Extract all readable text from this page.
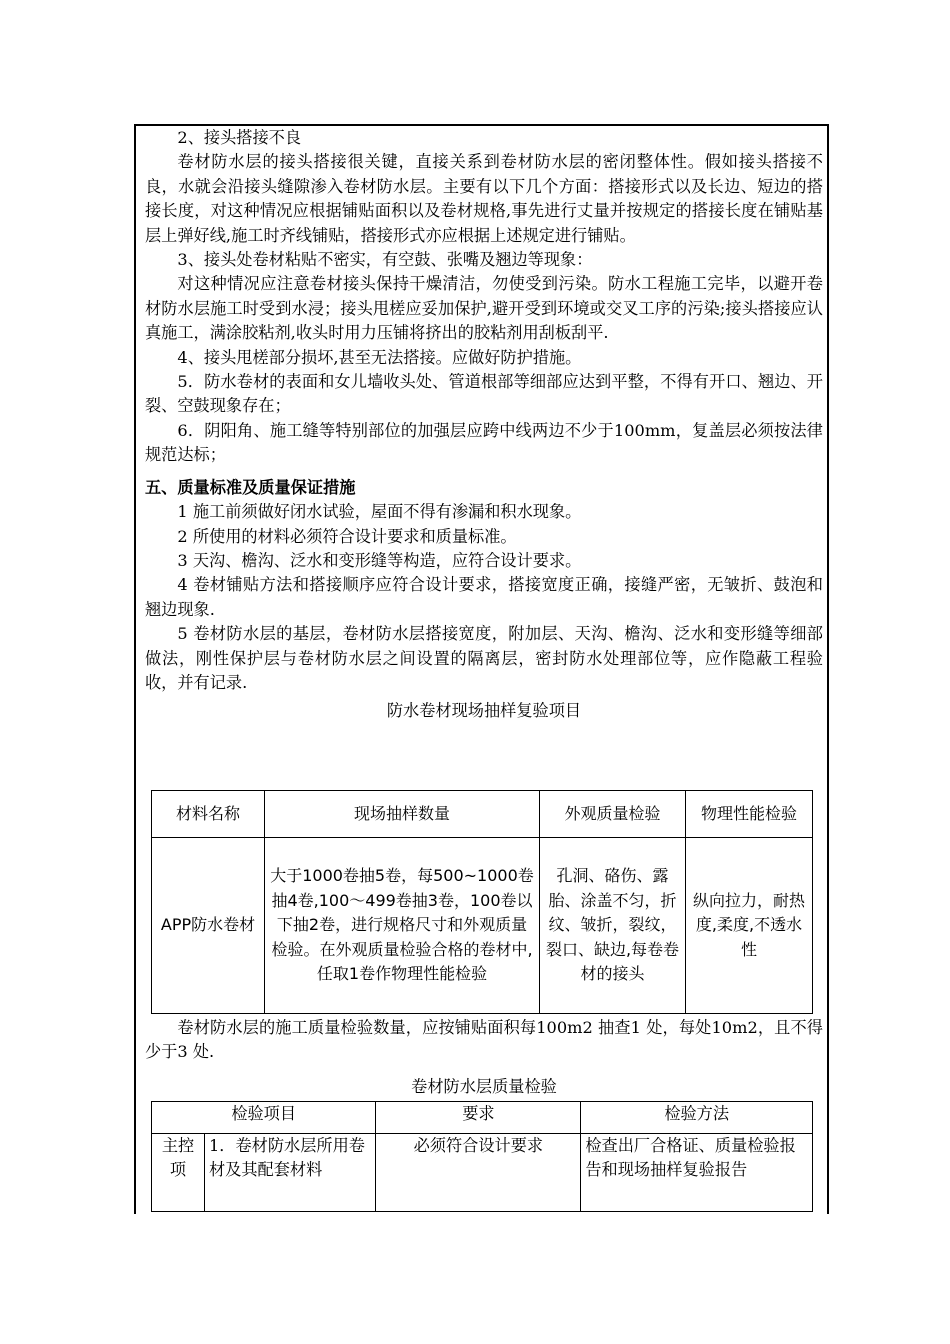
2、接头搭接不良

卷材防水层的接头搭接很关键，直接关系到卷材防水层的密闭整体性。假如接头搭接不良，水就会沿接头缝隙渗入卷材防水层。主要有以下几个方面：搭接形式以及长边、短边的搭接长度，对这种情况应根据铺贴面积以及卷材规格,事先进行丈量并按规定的搭接长度在铺贴基层上弹好线,施工时齐线铺贴，搭接形式亦应根据上述规定进行铺贴。

3、接头处卷材粘贴不密实，有空鼓、张嘴及翘边等现象：

对这种情况应注意卷材接头保持干燥清洁，勿使受到污染。防水工程施工完毕，以避开卷材防水层施工时受到水浸；接头甩槎应妥加保护,避开受到环境或交叉工序的污染;接头搭接应认真施工，满涂胶粘剂,收头时用力压铺将挤出的胶粘剂用刮板刮平.

4、接头甩槎部分损坏,甚至无法搭接。应做好防护措施。

5．防水卷材的表面和女儿墙收头处、管道根部等细部应达到平整，不得有开口、翘边、开裂、空鼓现象存在；

6．阴阳角、施工缝等特别部位的加强层应跨中线两边不少于100mm，复盖层必须按法律规范达标；

五、质量标准及质量保证措施

1 施工前须做好闭水试验，屋面不得有渗漏和积水现象。

2 所使用的材料必须符合设计要求和质量标准。

3 天沟、檐沟、泛水和变形缝等构造，应符合设计要求。

4 卷材铺贴方法和搭接顺序应符合设计要求，搭接宽度正确，接缝严密，无皱折、鼓泡和翘边现象.

5 卷材防水层的基层，卷材防水层搭接宽度，附加层、天沟、檐沟、泛水和变形缝等细部做法，刚性保护层与卷材防水层之间设置的隔离层，密封防水处理部位等，应作隐蔽工程验收，并有记录.

防水卷材现场抽样复验项目

材料名称	现场抽样数量	外观质量检验	物理性能检验
APP防水卷材	大于1000卷抽5卷，每500~1000卷抽4卷,100～499卷抽3卷，100卷以下抽2卷，进行规格尺寸和外观质量检验。在外观质量检验合格的卷材中,任取1卷作物理性能检验	孔洞、硌伤、露胎、涂盖不匀，折纹、皱折，裂纹，裂口、缺边,每卷卷材的接头	纵向拉力，耐热度,柔度,不透水性

卷材防水层的施工质量检验数量，应按铺贴面积每100m2 抽查1 处，每处10m2，且不得少于3 处.

卷材防水层质量检验

检验项目		要求	检验方法
主控项	1．卷材防水层所用卷材及其配套材料	必须符合设计要求	检查出厂合格证、质量检验报告和现场抽样复验报告
